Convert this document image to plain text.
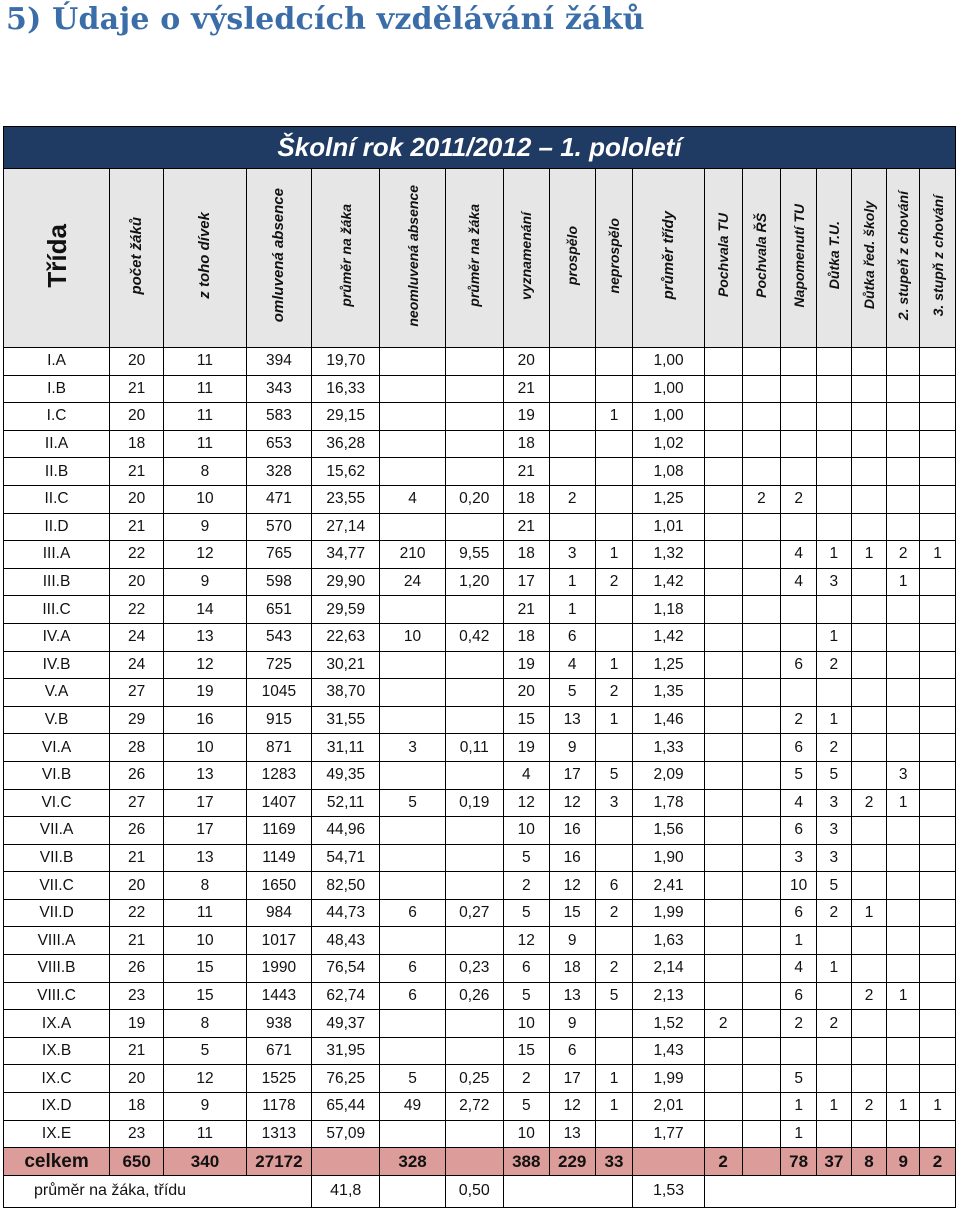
5) Údaje o výsledcích vzdělávání žáků
Školní rok 2011/2012 – 1. pololetí																	
Třída	počet žáků	z toho dívek	omluvená absence	průměr na žáka	neomluvená absence	průměr na žáka	vyznamenání	prospělo	neprospělo	průměr třídy	Pochvala TU	Pochvala ŘŠ	Napomenutí TU	Důtka T.U.	Důtka řed. školy	2. stupeň z chování	3. stupň z chování
I.A	20	11	394	19,70			20			1,00							
I.B	21	11	343	16,33			21			1,00							
I.C	20	11	583	29,15			19		1	1,00							
II.A	18	11	653	36,28			18			1,02							
II.B	21	8	328	15,62			21			1,08							
II.C	20	10	471	23,55	4	0,20	18	2		1,25		2	2				
II.D	21	9	570	27,14			21			1,01							
III.A	22	12	765	34,77	210	9,55	18	3	1	1,32			4	1	1	2	1
III.B	20	9	598	29,90	24	1,20	17	1	2	1,42			4	3		1	
III.C	22	14	651	29,59			21	1		1,18							
IV.A	24	13	543	22,63	10	0,42	18	6		1,42				1			
IV.B	24	12	725	30,21			19	4	1	1,25			6	2			
V.A	27	19	1045	38,70			20	5	2	1,35							
V.B	29	16	915	31,55			15	13	1	1,46			2	1			
VI.A	28	10	871	31,11	3	0,11	19	9		1,33			6	2			
VI.B	26	13	1283	49,35			4	17	5	2,09			5	5		3	
VI.C	27	17	1407	52,11	5	0,19	12	12	3	1,78			4	3	2	1	
VII.A	26	17	1169	44,96			10	16		1,56			6	3			
VII.B	21	13	1149	54,71			5	16		1,90			3	3			
VII.C	20	8	1650	82,50			2	12	6	2,41			10	5			
VII.D	22	11	984	44,73	6	0,27	5	15	2	1,99			6	2	1		
VIII.A	21	10	1017	48,43			12	9		1,63			1				
VIII.B	26	15	1990	76,54	6	0,23	6	18	2	2,14			4	1			
VIII.C	23	15	1443	62,74	6	0,26	5	13	5	2,13			6		2	1	
IX.A	19	8	938	49,37			10	9		1,52	2		2	2			
IX.B	21	5	671	31,95			15	6		1,43							
IX.C	20	12	1525	76,25	5	0,25	2	17	1	1,99			5				
IX.D	18	9	1178	65,44	49	2,72	5	12	1	2,01			1	1	2	1	1
IX.E	23	11	1313	57,09			10	13		1,77			1				
celkem	650	340	27172		328		388	229	33		2		78	37	8	9	2
průměr na žáka, třídu				41,8		0,50				1,53							
